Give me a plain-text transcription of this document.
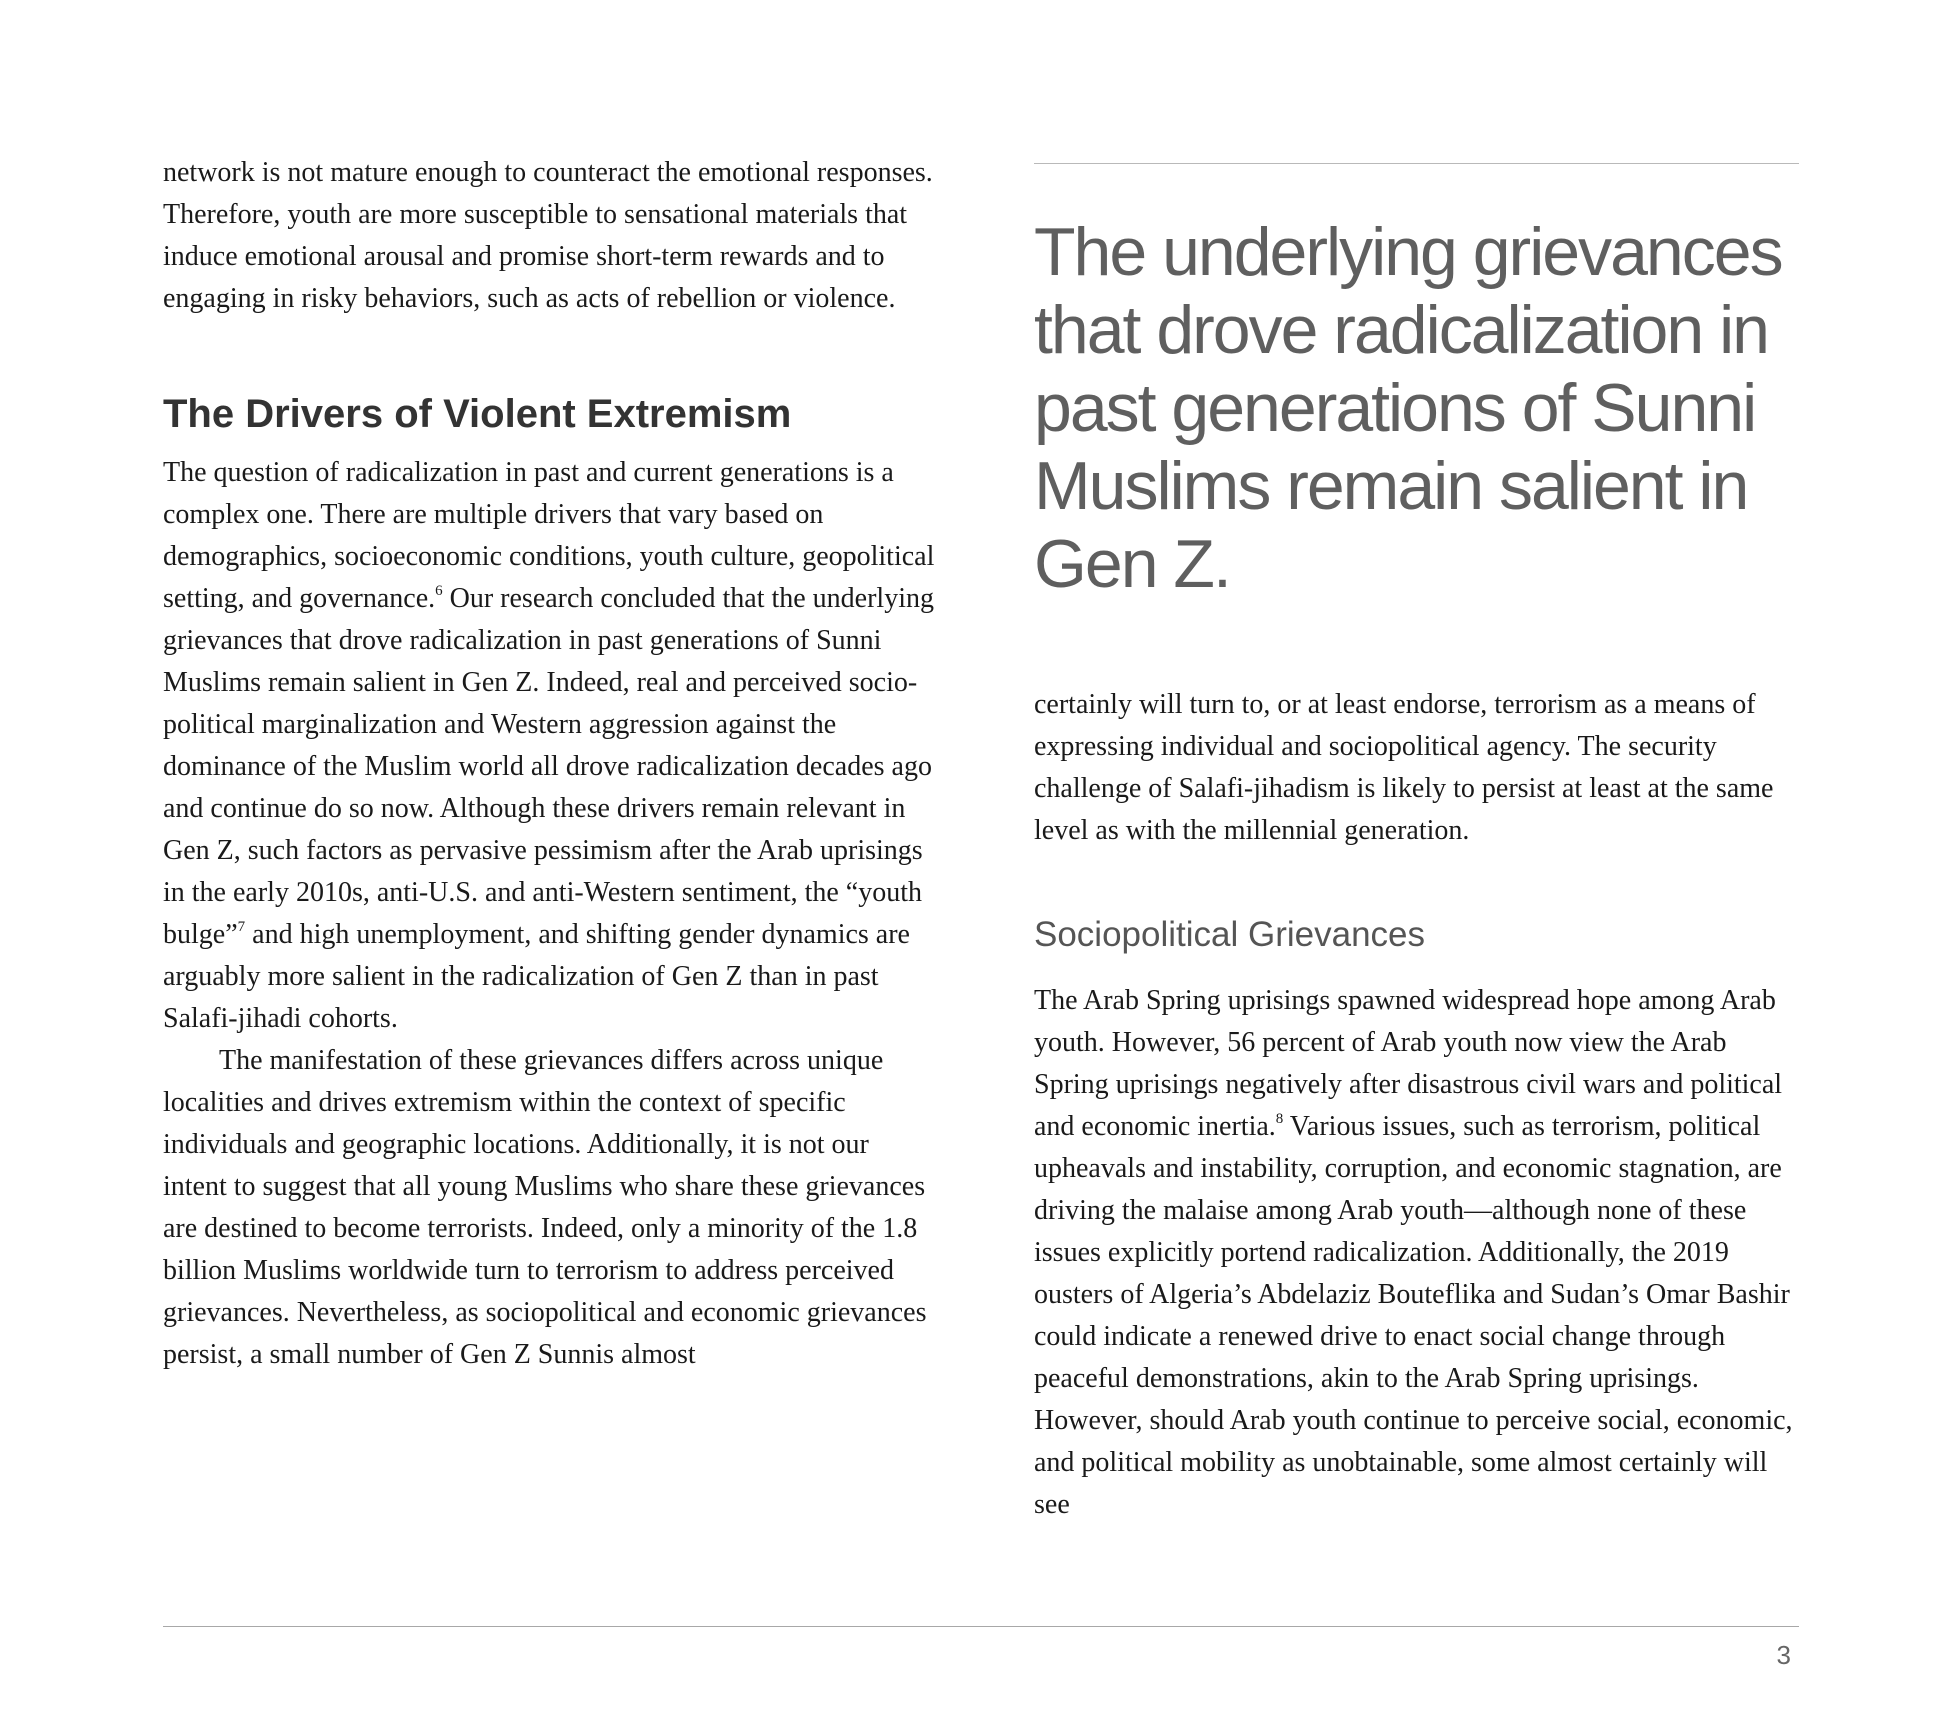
network is not mature enough to counteract the emotional responses. Therefore, youth are more susceptible to sensational materials that induce emotional arousal and promise short-term rewards and to engaging in risky behaviors, such as acts of rebellion or violence.

The Drivers of Violent Extremism

The question of radicalization in past and current generations is a complex one. There are multiple drivers that vary based on demographics, socioeconomic conditions, youth culture, geopolitical setting, and governance.$^6$ Our research concluded that the underlying grievances that drove radicalization in past generations of Sunni Muslims remain salient in Gen Z. Indeed, real and perceived sociopolitical marginalization and Western aggression against the dominance of the Muslim world all drove radicalization decades ago and continue do so now. Although these drivers remain relevant in Gen Z, such factors as pervasive pessimism after the Arab uprisings in the early 2010s, anti-U.S. and anti-Western sentiment, the “youth bulge”$^7$ and high unemployment, and shifting gender dynamics are arguably more salient in the radicalization of Gen Z than in past Salafi-jihadi cohorts.

The manifestation of these grievances differs across unique localities and drives extremism within the context of specific individuals and geographic locations. Additionally, it is not our intent to suggest that all young Muslims who share these grievances are destined to become terrorists. Indeed, only a minority of the 1.8 billion Muslims worldwide turn to terrorism to address perceived grievances. Nevertheless, as sociopolitical and economic grievances persist, a small number of Gen Z Sunnis almost

The underlying grievances that drove radicalization in past generations of Sunni Muslims remain salient in Gen Z.

certainly will turn to, or at least endorse, terrorism as a means of expressing individual and sociopolitical agency. The security challenge of Salafi-jihadism is likely to persist at least at the same level as with the millennial generation.

Sociopolitical Grievances

The Arab Spring uprisings spawned widespread hope among Arab youth. However, 56 percent of Arab youth now view the Arab Spring uprisings negatively after disastrous civil wars and political and economic inertia.$^8$ Various issues, such as terrorism, political upheavals and instability, corruption, and economic stagnation, are driving the malaise among Arab youth—although none of these issues explicitly portend radicalization. Additionally, the 2019 ousters of Algeria’s Abdelaziz Bouteflika and Sudan’s Omar Bashir could indicate a renewed drive to enact social change through peaceful demonstrations, akin to the Arab Spring uprisings. However, should Arab youth continue to perceive social, economic, and political mobility as unobtainable, some almost certainly will see

3
